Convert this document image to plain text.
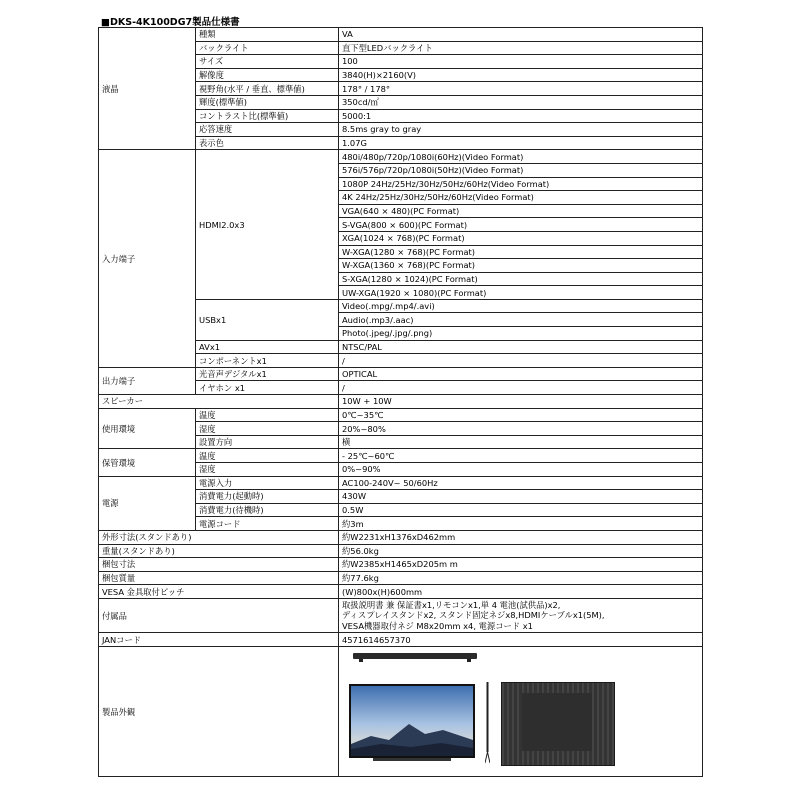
■DKS-4K100DG7製品仕様書
液晶	種類	VA
	バックライト	直下型LEDバックライト
	サイズ	100
	解像度	3840(H)×2160(V)
	視野角(水平 / 垂直、標準値)	178° / 178°
	輝度(標準値)	350cd/㎡
	コントラスト比(標準値)	5000:1
	応答速度	8.5ms gray to gray
	表示色	1.07G
入力端子	HDMI2.0x3	480i/480p/720p/1080i(60Hz)(Video Format)
		576i/576p/720p/1080i(50Hz)(Video Format)
		1080P 24Hz/25Hz/30Hz/50Hz/60Hz(Video Format)
		4K 24Hz/25Hz/30Hz/50Hz/60Hz(Video Format)
		VGA(640 × 480)(PC Format)
		S-VGA(800 × 600)(PC Format)
		XGA(1024 × 768)(PC Format)
		W-XGA(1280 × 768)(PC Format)
		W-XGA(1360 × 768)(PC Format)
		S-XGA(1280 × 1024)(PC Format)
		UW-XGA(1920 × 1080)(PC Format)
	USBx1	Video(.mpg/.mp4/.avi)
		Audio(.mp3/.aac)
		Photo(.jpeg/.jpg/.png)
	AVx1	NTSC/PAL
	コンポーネントx1	/
出力端子	光音声デジタルx1	OPTICAL
	イヤホン x1	/
スピーカー		10W + 10W
使用環境	温度	0℃~35℃
	湿度	20%~80%
	設置方向	横
保管環境	温度	- 25℃~60℃
	湿度	0%~90%
電源	電源入力	AC100-240V~ 50/60Hz
	消費電力(起動時)	430W
	消費電力(待機時)	0.5W
	電源コード	約3m
外形寸法(スタンドあり)		約W2231xH1376xD462mm
重量(スタンドあり)		約56.0kg
梱包寸法		約W2385xH1465xD205m m
梱包質量		約77.6kg
VESA 金具取付ピッチ		(W)800x(H)600mm
付属品		取扱説明書 兼 保証書x1,リモコンx1,単 4 電池(試供品)x2,
ディスプレイスタンドx2, スタンド固定ネジx8,HDMIケーブルx1(5M),
VESA機器取付ネジ M8x20mm x4, 電源コード x1

JANコード		4571614657370
製品外観	
